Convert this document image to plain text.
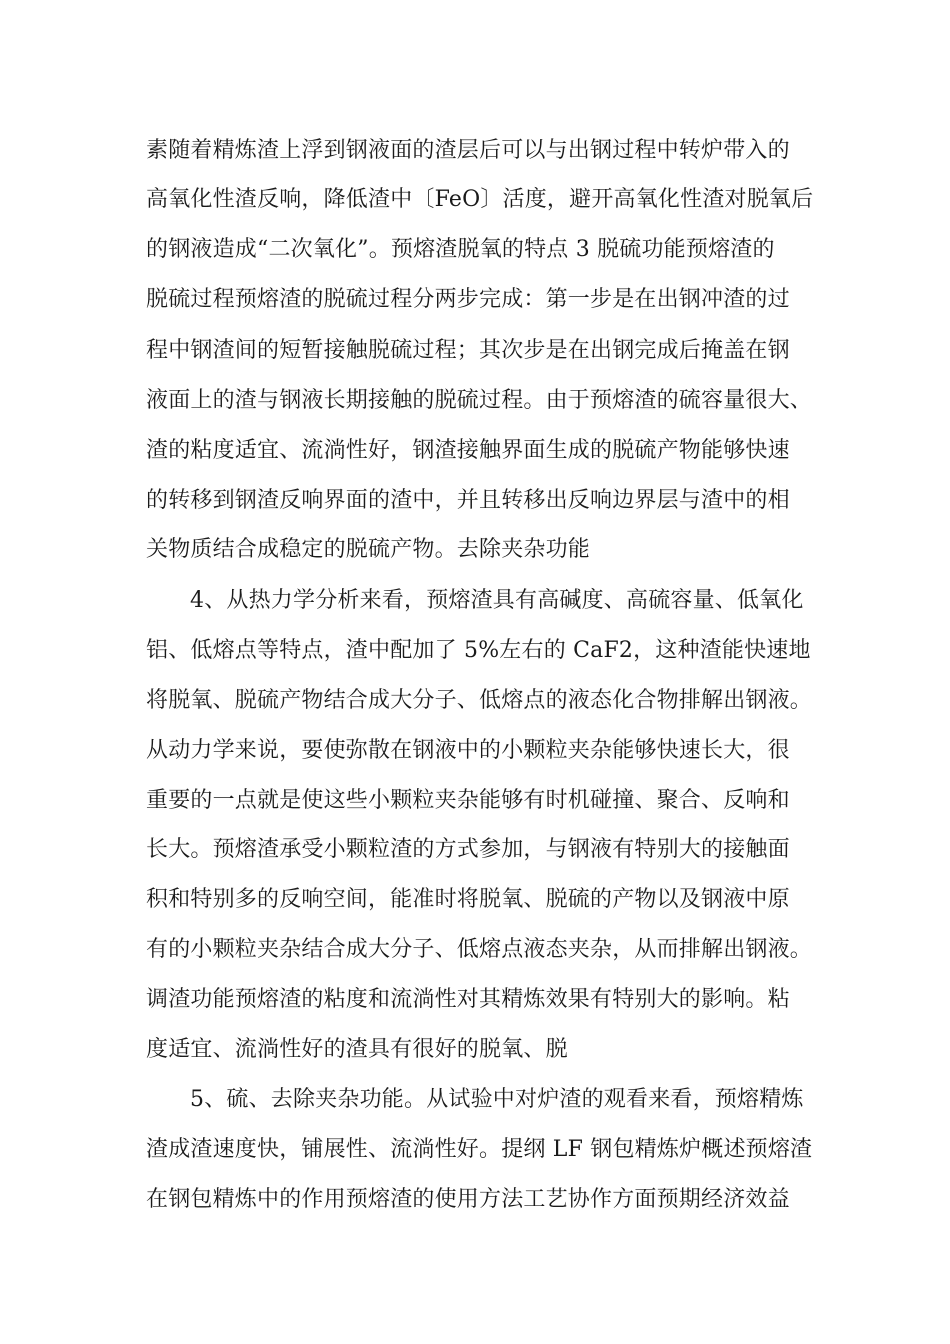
素随着精炼渣上浮到钢液面的渣层后可以与出钢过程中转炉带入的
高氧化性渣反响，降低渣中〔FeO〕活度，避开高氧化性渣对脱氧后
的钢液造成“二次氧化”。预熔渣脱氧的特点 3 脱硫功能预熔渣的
脱硫过程预熔渣的脱硫过程分两步完成：第一步是在出钢冲渣的过
程中钢渣间的短暂接触脱硫过程；其次步是在出钢完成后掩盖在钢
液面上的渣与钢液长期接触的脱硫过程。由于预熔渣的硫容量很大、
渣的粘度适宜、流淌性好，钢渣接触界面生成的脱硫产物能够快速
的转移到钢渣反响界面的渣中，并且转移出反响边界层与渣中的相
关物质结合成稳定的脱硫产物。去除夹杂功能
4、从热力学分析来看，预熔渣具有高碱度、高硫容量、低氧化
铝、低熔点等特点，渣中配加了 5%左右的 CaF2，这种渣能快速地
将脱氧、脱硫产物结合成大分子、低熔点的液态化合物排解出钢液。
从动力学来说，要使弥散在钢液中的小颗粒夹杂能够快速长大，很
重要的一点就是使这些小颗粒夹杂能够有时机碰撞、聚合、反响和
长大。预熔渣承受小颗粒渣的方式参加，与钢液有特别大的接触面
积和特别多的反响空间，能准时将脱氧、脱硫的产物以及钢液中原
有的小颗粒夹杂结合成大分子、低熔点液态夹杂，从而排解出钢液。
调渣功能预熔渣的粘度和流淌性对其精炼效果有特别大的影响。粘
度适宜、流淌性好的渣具有很好的脱氧、脱
5、硫、去除夹杂功能。从试验中对炉渣的观看来看，预熔精炼
渣成渣速度快，铺展性、流淌性好。提纲 LF 钢包精炼炉概述预熔渣
在钢包精炼中的作用预熔渣的使用方法工艺协作方面预期经济效益
